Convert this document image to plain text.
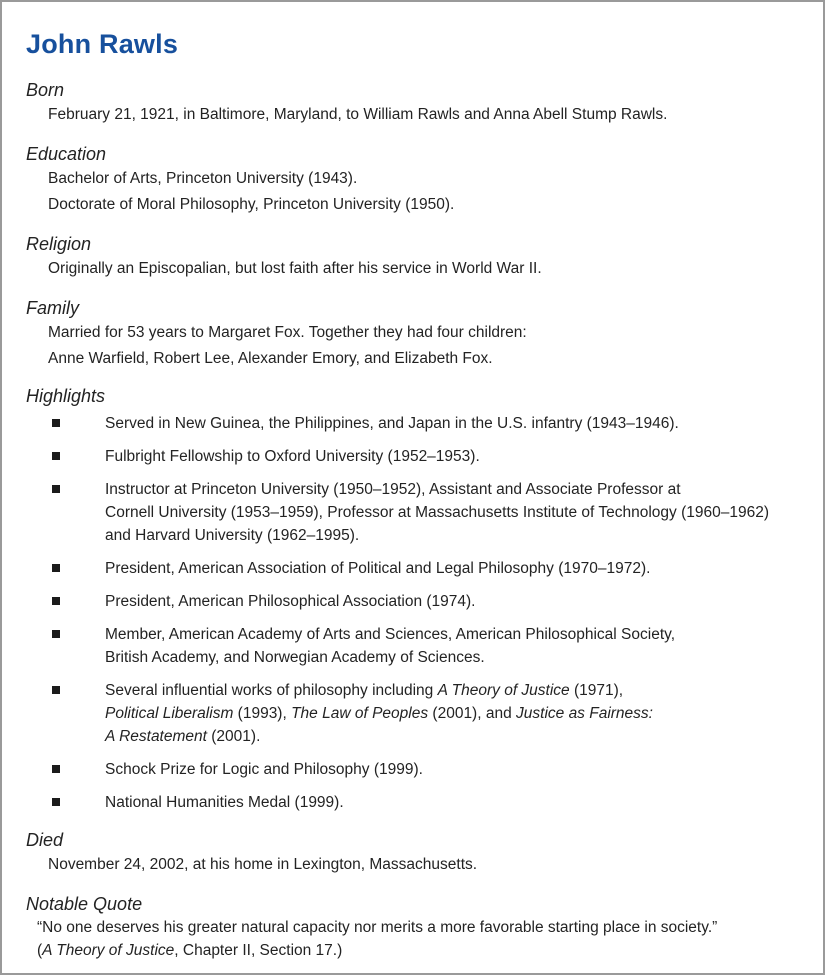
John Rawls
Born

February 21, 1921, in Baltimore, Maryland, to William Rawls and Anna Abell Stump Rawls.

Education

Bachelor of Arts, Princeton University (1943).

Doctorate of Moral Philosophy, Princeton University (1950).

Religion

Originally an Episcopalian, but lost faith after his service in World War II.

Family

Married for 53 years to Margaret Fox. Together they had four children:

Anne Warfield, Robert Lee, Alexander Emory, and Elizabeth Fox.

Highlights
Served in New Guinea, the Philippines, and Japan in the U.S. infantry (1943–1946).
Fulbright Fellowship to Oxford University (1952–1953).
Instructor at Princeton University (1950–1952), Assistant and Associate Professor at
Cornell University (1953–1959), Professor at Massachusetts Institute of Technology (1960–1962)
and Harvard University (1962–1995).
President, American Association of Political and Legal Philosophy (1970–1972).
President, American Philosophical Association (1974).
Member, American Academy of Arts and Sciences, American Philosophical Society,
British Academy, and Norwegian Academy of Sciences.
Several influential works of philosophy including A Theory of Justice (1971),
Political Liberalism (1993), The Law of Peoples (2001), and Justice as Fairness:
A Restatement (2001).
Schock Prize for Logic and Philosophy (1999).
National Humanities Medal (1999).
Died

November 24, 2002, at his home in Lexington, Massachusetts.

Notable Quote

“No one deserves his greater natural capacity nor merits a more favorable starting place in society.”

(A Theory of Justice, Chapter II, Section 17.)
